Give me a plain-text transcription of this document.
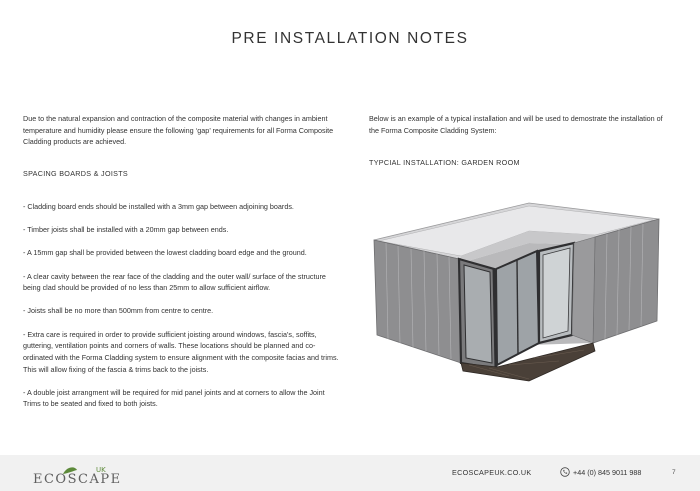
PRE INSTALLATION NOTES

Due to the natural expansion and contraction of the composite material with changes in ambient temperature and humidity please ensure the following ‘gap’ requirements for all Forma Composite Cladding products are achieved.

SPACING BOARDS & JOISTS

- Cladding board ends should be installed with a 3mm gap between adjoining boards.

- Timber joists shall be installed with a 20mm gap between ends.

- A 15mm gap shall be provided between the lowest cladding board edge and the ground.

- A clear cavity between the rear face of the cladding and the outer wall/ surface of the structure being clad should be provided of no less than 25mm to allow sufficient airflow.

- Joists shall be no more than 500mm from centre to centre.

- Extra care is required in order to provide sufficient joisting around windows, fascia’s, soffits, guttering, ventilation points and corners of walls. These locations should be planned and co-ordinated with the Forma Cladding system to ensure alignment with the composite facias and trims. This will allow fixing of the fascia & trims back to the joists.

- A double joist arrangment will be required for mid panel joints and at corners to allow the Joint Trims to be seated and fixed to both joists.

Below is an example of a typical installation and will be used to demostrate the installation of the Forma Composite Cladding System:

TYPCIAL INSTALLATION: GARDEN ROOM

ECOSCAPE
UK	ECOSCAPEUK.CO.UK	+44 (0) 845 9011 988	7
